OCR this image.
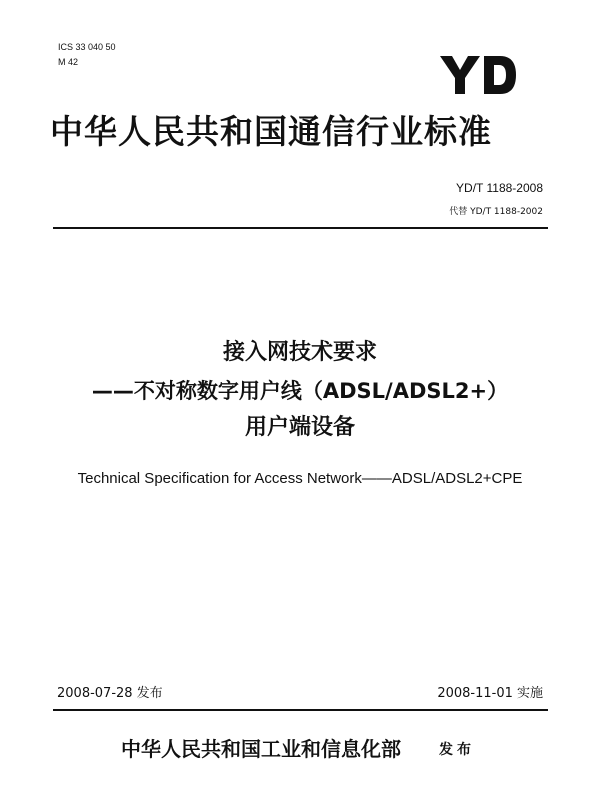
ICS 33 040 50
M 42
中华人民共和国通信行业标准
YD/T 1188-2008
代替 YD/T 1188-2002
接入网技术要求
——不对称数字用户线（ADSL/ADSL2+）
用户端设备
Technical Specification for Access Network——ADSL/ADSL2+CPE
2008-07-28 发布	2008-11-01 实施
中华人民共和国工业和信息化部	发布
